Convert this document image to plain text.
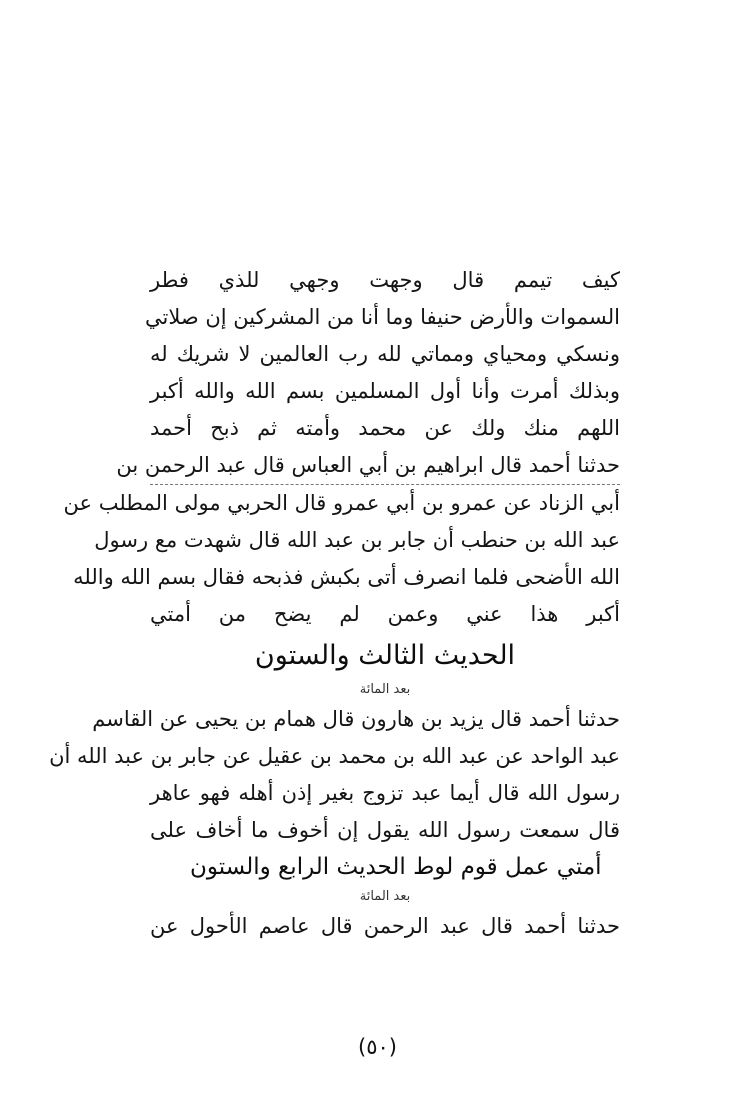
كيف تيمم قال وجهت وجهي للذي فطر
السموات والأرض حنيفا وما أنا من المشركين إن صلاتي
ونسكي ومحياي ومماتي لله رب العالمين لا شريك له
وبذلك أمرت وأنا أول المسلمين بسم الله والله أكبر
اللهم منك ولك عن محمد وأمته ثم ذبح أحمد
حدثنا أحمد قال ابراهيم بن أبي العباس قال عبد الرحمن بن
أبي الزناد عن عمرو بن أبي عمرو قال الحربي مولى المطلب عن
عبد الله بن حنطب أن جابر بن عبد الله قال شهدت مع رسول
الله الأضحى فلما انصرف أتى بكبش فذبحه فقال بسم الله والله
أكبر هذا عني وعمن لم يضح من أمتي
الحديث الثالث والستون
بعد المائة
حدثنا أحمد قال يزيد بن هارون قال همام بن يحيى عن القاسم
عبد الواحد عن عبد الله بن محمد بن عقيل عن جابر بن عبد الله أن
رسول الله قال أيما عبد تزوج بغير إذن أهله فهو عاهر
قال سمعت رسول الله يقول إن أخوف ما أخاف على
أمتي عمل قوم لوط الحديث الرابع والستون
بعد المائة
حدثنا أحمد قال عبد الرحمن قال عاصم الأحول عن
(٥٠)
